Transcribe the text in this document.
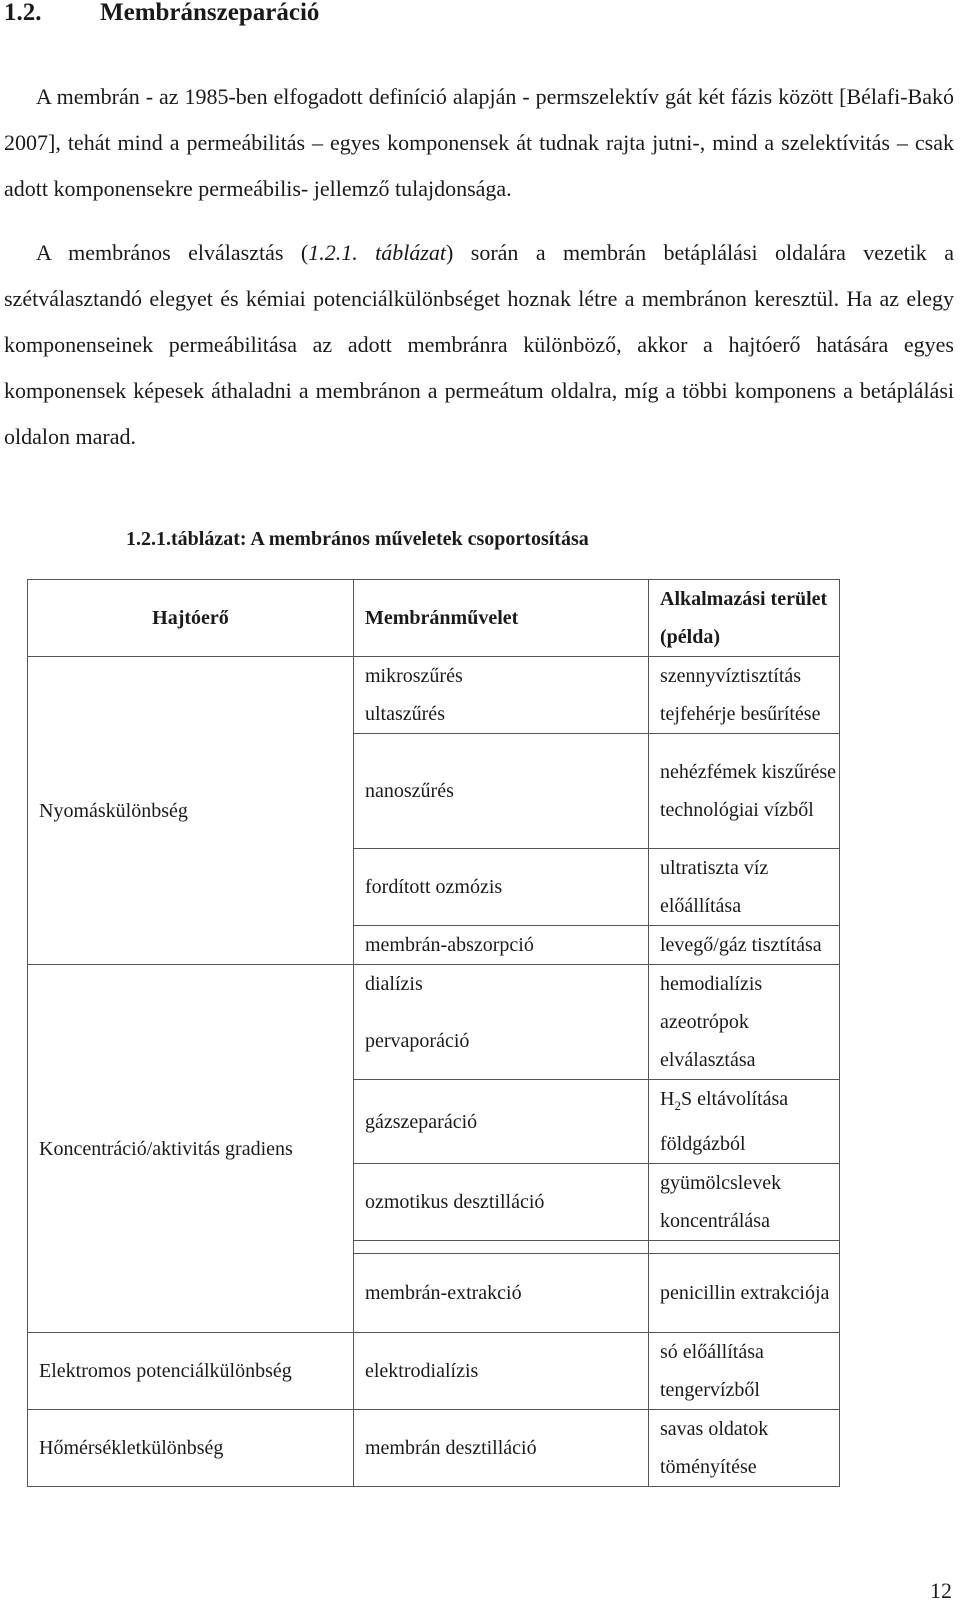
1.2. Membránszeparáció

A membrán - az 1985-ben elfogadott definíció alapján - permszelektív gát két fázis között [Bélafi-Bakó 2007], tehát mind a permeábilitás – egyes komponensek át tudnak rajta jutni-, mind a szelektívitás – csak adott komponensekre permeábilis- jellemző tulajdonsága.

A membrános elválasztás (1.2.1. táblázat) során a membrán betáplálási oldalára vezetik a szétválasztandó elegyet és kémiai potenciálkülönbséget hoznak létre a membránon keresztül. Ha az elegy komponenseinek permeábilitása az adott membránra különböző, akkor a hajtóerő hatására egyes komponensek képesek áthaladni a membránon a permeátum oldalra, míg a többi komponens a betáplálási oldalon marad.

1.2.1.táblázat: A membrános műveletek csoportosítása

Hajtóerő	Membránművelet	Alkalmazási terület (példa)
Nyomáskülönbség	mikroszűrés	szennyvíztisztítás
	ultaszűrés	tejfehérje besűrítése
	nanoszűrés	nehézfémek kiszűrése technológiai vízből
	fordított ozmózis	ultratiszta víz előállítása
	membrán-abszorpció	levegő/gáz tisztítása
Koncentráció/aktivitás gradiens	dialízis	hemodialízis
	pervaporáció	azeotrópok elválasztása
	gázszeparáció	$H_2S$ eltávolítása földgázból
	ozmotikus desztilláció	gyümölcslevek koncentrálása

	membrán-extrakció	penicillin extrakciója
Elektromos potenciálkülönbség	elektrodialízis	só előállítása tengervízből
Hőmérsékletkülönbség	membrán desztilláció	savas oldatok töményítése
12
